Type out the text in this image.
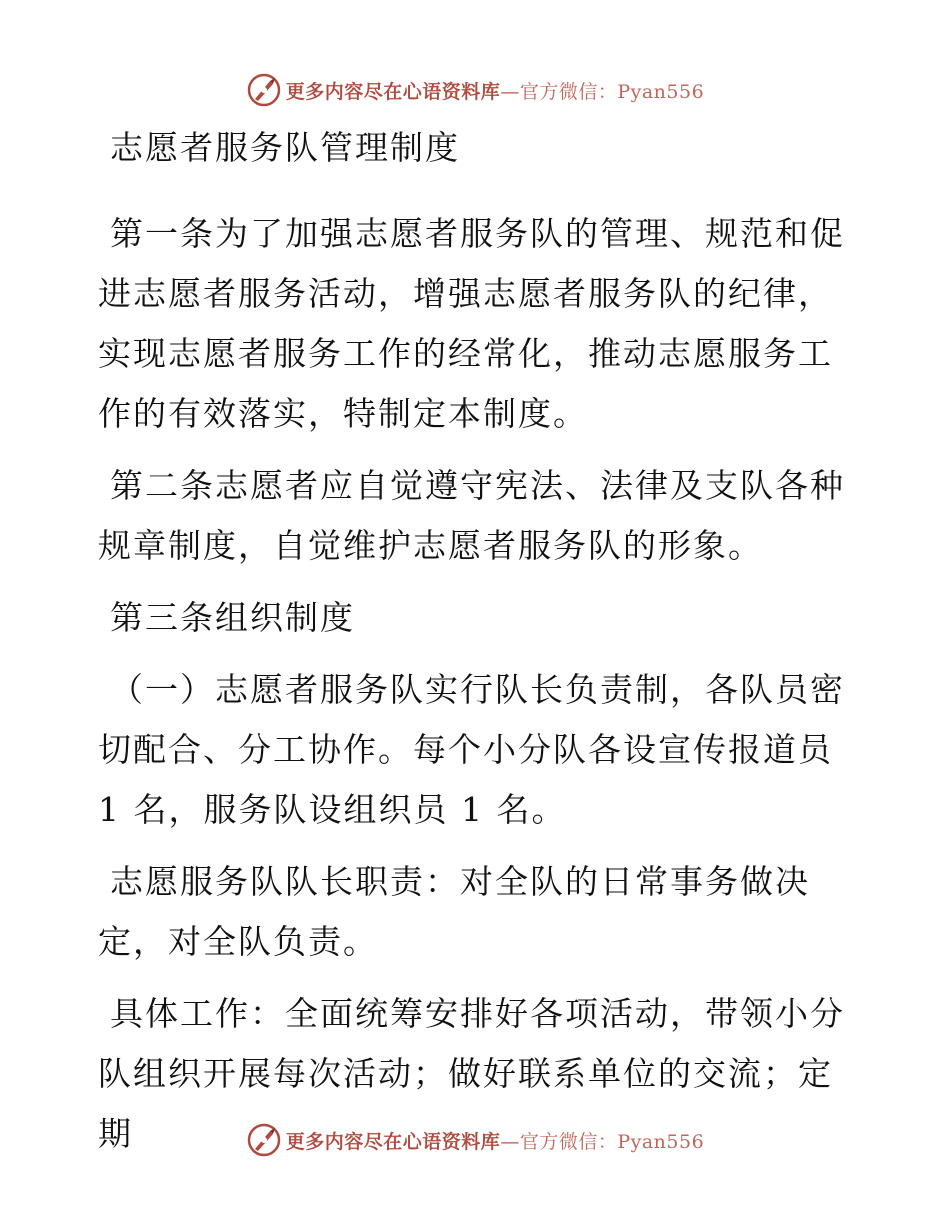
更多内容尽在心语资料库—官方微信：Pyan556

志愿者服务队管理制度

第一条为了加强志愿者服务队的管理、规范和促进志愿者服务活动，增强志愿者服务队的纪律，实现志愿者服务工作的经常化，推动志愿服务工作的有效落实，特制定本制度。

第二条志愿者应自觉遵守宪法、法律及支队各种规章制度，自觉维护志愿者服务队的形象。

第三条组织制度

（一）志愿者服务队实行队长负责制，各队员密切配合、分工协作。每个小分队各设宣传报道员 1 名，服务队设组织员 1 名。

志愿服务队队长职责：对全队的日常事务做决定，对全队负责。

具体工作：全面统筹安排好各项活动，带领小分队组织开展每次活动；做好联系单位的交流；定期	更多内容尽在心语资料库—官方微信：Pyan556
